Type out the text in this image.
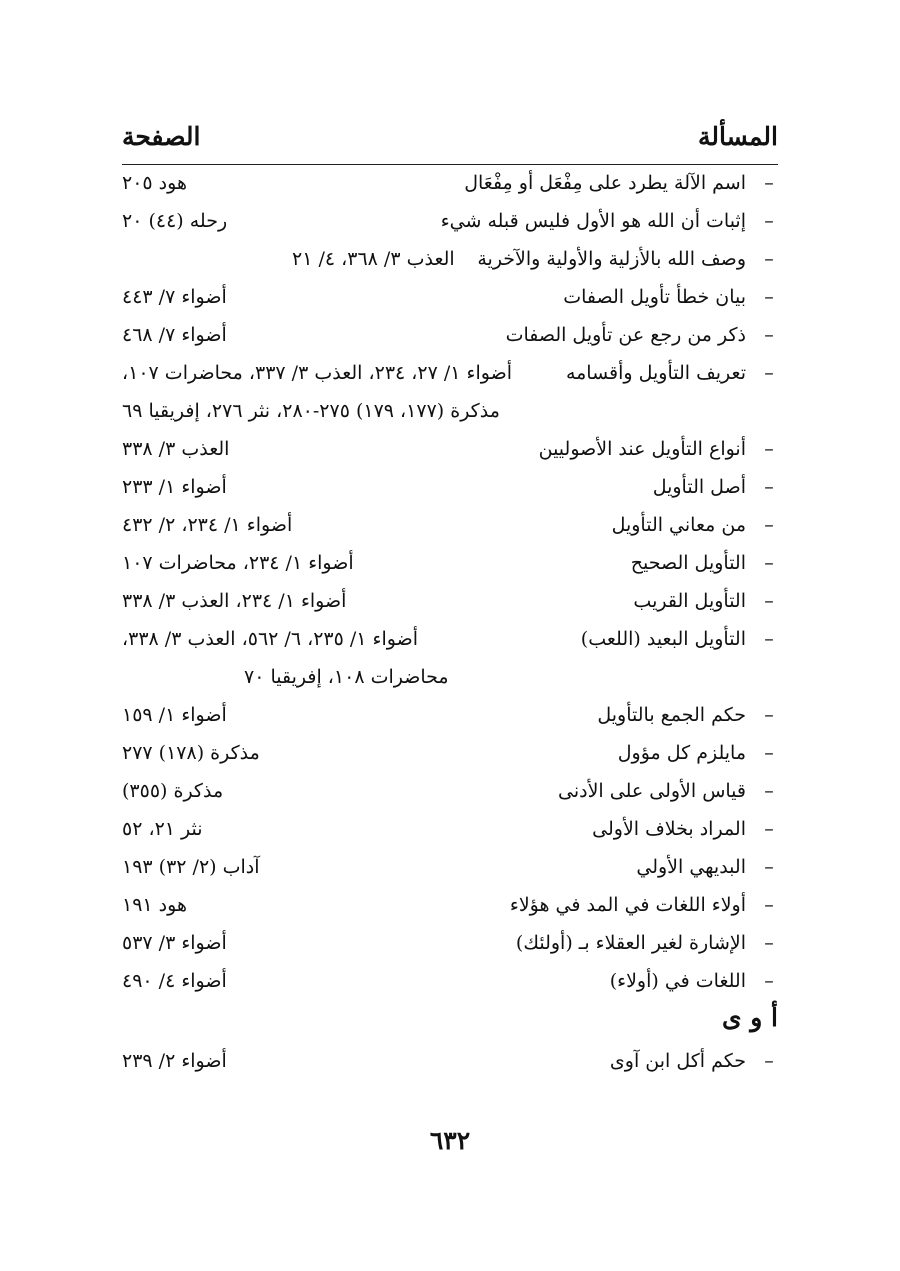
المسألة
الصفحة
–
اسم الآلة يطرد على مِفْعَل أو مِفْعَال
هود ٢٠٥
–
إثبات أن الله هو الأول فليس قبله شيء
رحله (٤٤) ٢٠
–
وصف الله بالأزلية والأولية والآخرية
العذب ٣/ ٣٦٨، ٤/ ٢١
–
بيان خطأ تأويل الصفات
أضواء ٧/ ٤٤٣
–
ذكر من رجع عن تأويل الصفات
أضواء ٧/ ٤٦٨
–
تعريف التأويل وأقسامه
أضواء ١/ ٢٧، ٢٣٤، العذب ٣/ ٣٣٧، محاضرات ١٠٧،
مذكرة (١٧٧، ١٧٩) ٢٧٥-٢٨٠، نثر ٢٧٦، إفريقيا ٦٩
–
أنواع التأويل عند الأصوليين
العذب ٣/ ٣٣٨
–
أصل التأويل
أضواء ١/ ٢٣٣
–
من معاني التأويل
أضواء ١/ ٢٣٤، ٢/ ٤٣٢
–
التأويل الصحيح
أضواء ١/ ٢٣٤، محاضرات ١٠٧
–
التأويل القريب
أضواء ١/ ٢٣٤، العذب ٣/ ٣٣٨
–
التأويل البعيد (اللعب)
أضواء ١/ ٢٣٥، ٦/ ٥٦٢، العذب ٣/ ٣٣٨،
محاضرات ١٠٨، إفريقيا ٧٠
–
حكم الجمع بالتأويل
أضواء ١/ ١٥٩
–
مايلزم كل مؤول
مذكرة (١٧٨) ٢٧٧
–
قياس الأولى على الأدنى
مذكرة (٣٥٥)
–
المراد بخلاف الأولى
نثر ٢١، ٥٢
–
البديهي الأولي
آداب (٢/ ٣٢) ١٩٣
–
أولاء اللغات في المد في هؤلاء
هود ١٩١
–
الإشارة لغير العقلاء بـ (أولئك)
أضواء ٣/ ٥٣٧
–
اللغات في (أولاء)
أضواء ٤/ ٤٩٠
أ و ى
–
حكم أكل ابن آوى
أضواء ٢/ ٢٣٩
٦٣٢
